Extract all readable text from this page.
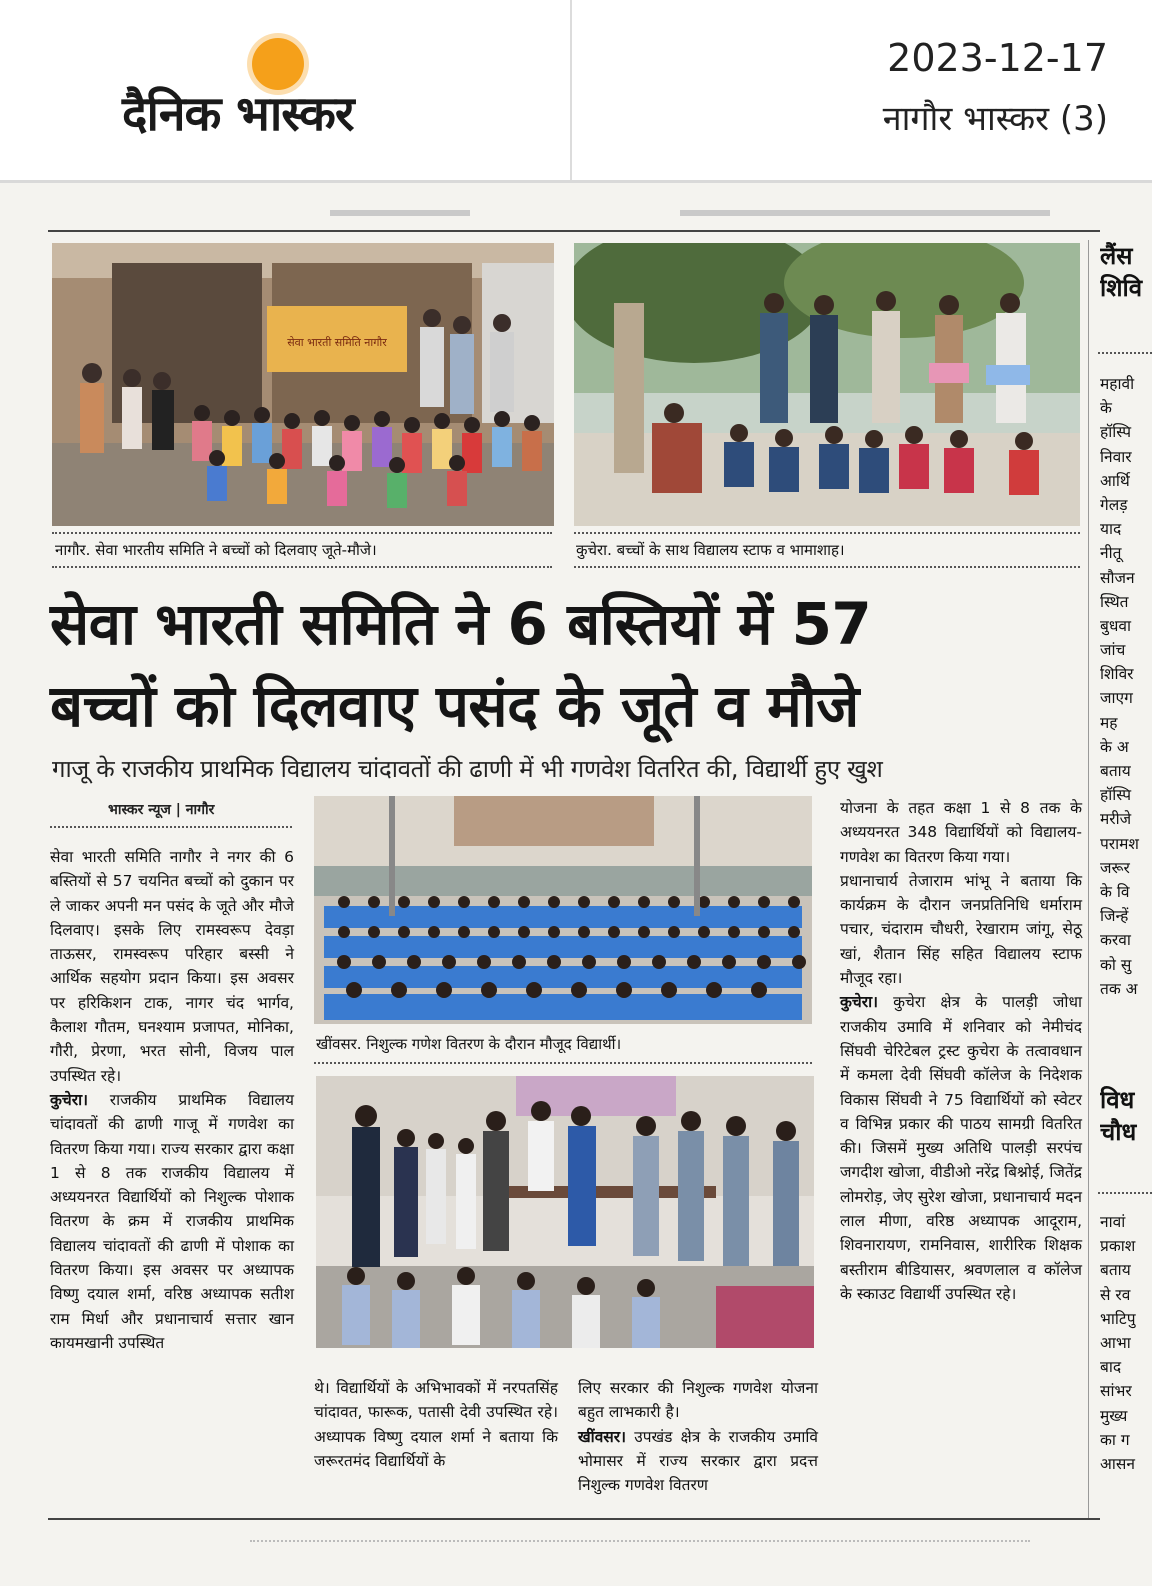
दैनिक भास्कर
2023-12-17
नागौर भास्कर (3)
सेवा भारती समिति नागौर
नागौर. सेवा भारतीय समिति ने बच्चों को दिलवाए जूते-मौजे।	कुचेरा. बच्चों के साथ विद्यालय स्टाफ व भामाशाह।
सेवा भारती समिति ने 6 बस्तियों में 57
बच्चों को दिलवाए पसंद के जूते व मौजे
गाजू के राजकीय प्राथमिक विद्यालय चांदावतों की ढाणी में भी गणवेश वितरित की, विद्यार्थी हुए खुश
भास्कर न्यूज | नागौर

सेवा भारती समिति नागौर ने नगर की 6 बस्तियों से 57 चयनित बच्चों को दुकान पर ले जाकर अपनी मन पसंद के जूते और मौजे दिलवाए। इसके लिए रामस्वरूप देवड़ा ताऊसर, रामस्वरूप परिहार बस्सी ने आर्थिक सहयोग प्रदान किया। इस अवसर पर हरिकिशन टाक, नागर चंद भार्गव, कैलाश गौतम, घनश्याम प्रजापत, मोनिका, गौरी, प्रेरणा, भरत सोनी, विजय पाल उपस्थित रहे।

कुचेरा। राजकीय प्राथमिक विद्यालय चांदावतों की ढाणी गाजू में गणवेश का वितरण किया गया। राज्य सरकार द्वारा कक्षा 1 से 8 तक राजकीय विद्यालय में अध्ययनरत विद्यार्थियों को निशुल्क पोशाक वितरण के क्रम में राजकीय प्राथमिक विद्यालय चांदावतों की ढाणी में पोशाक का वितरण किया। इस अवसर पर अध्यापक विष्णु दयाल शर्मा, वरिष्ठ अध्यापक सतीश राम मिर्धा और प्रधानाचार्य सत्तार खान कायमखानी उपस्थित

खींवसर. निशुल्क गणेश वितरण के दौरान मौजूद विद्यार्थी।

थे। विद्यार्थियों के अभिभावकों में नरपतसिंह चांदावत, फारूक, पतासी देवी उपस्थित रहे। अध्यापक विष्णु दयाल शर्मा ने बताया कि जरूरतमंद विद्यार्थियों के

लिए सरकार की निशुल्क गणवेश योजना बहुत लाभकारी है।

खींवसर। उपखंड क्षेत्र के राजकीय उमावि भोमासर में राज्य सरकार द्वारा प्रदत्त निशुल्क गणवेश वितरण

योजना के तहत कक्षा 1 से 8 तक के अध्ययनरत 348 विद्यार्थियों को विद्यालय-गणवेश का वितरण किया गया।

प्रधानाचार्य तेजाराम भांभू ने बताया कि कार्यक्रम के दौरान जनप्रतिनिधि धर्माराम पचार, चंदाराम चौधरी, रेखाराम जांगू, सेठू खां, शैतान सिंह सहित विद्यालय स्टाफ मौजूद रहा।

कुचेरा। कुचेरा क्षेत्र के पालड़ी जोधा राजकीय उमावि में शनिवार को नेमीचंद सिंघवी चेरिटेबल ट्रस्ट कुचेरा के तत्वावधान में कमला देवी सिंघवी कॉलेज के निदेशक विकास सिंघवी ने 75 विद्यार्थियों को स्वेटर व विभिन्न प्रकार की पाठय सामग्री वितरित की। जिसमें मुख्य अतिथि पालड़ी सरपंच जगदीश खोजा, वीडीओ नरेंद्र बिश्नोई, जितेंद्र लोमरोड़, जेए सुरेश खोजा, प्रधानाचार्य मदन लाल मीणा, वरिष्ठ अध्यापक आदूराम, शिवनारायण, रामनिवास, शारीरिक शिक्षक बस्तीराम बीडियासर, श्रवणलाल व कॉलेज के स्काउट विद्यार्थी उपस्थित रहे।

लैंस
शिवि
महावी
के
हॉस्पि
निवार
आर्थि
गेलड़
याद
नीतू
सौजन
स्थित
बुधवा
जांच
शिविर
जाएग
मह
के अ
बताय
हॉस्पि
मरीजे
परामश
जरूर
के वि
जिन्हें
करवा
को सु
तक अ
विध
चौध
नावां
प्रकाश
बताय
से रव
भाटिपु
आभा
बाद
सांभर
मुख्य
का ग
आसन
